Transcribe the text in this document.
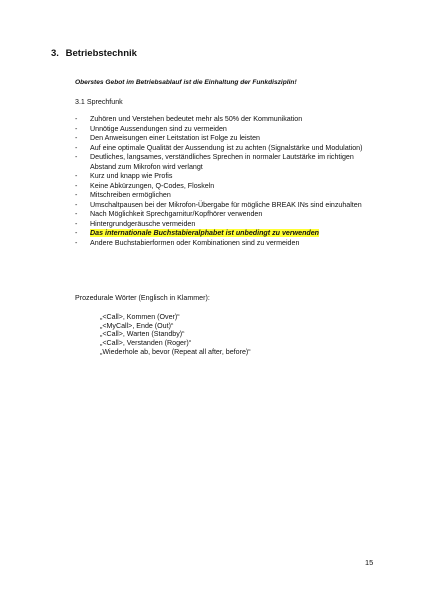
3. Betriebstechnik
Oberstes Gebot im Betriebsablauf ist die Einhaltung der Funkdisziplin!
3.1 Sprechfunk
- Zuhören und Verstehen bedeutet mehr als 50% der Kommunikation
- Unnötige Aussendungen sind zu vermeiden
- Den Anweisungen einer Leitstation ist Folge zu leisten
- Auf eine optimale Qualität der Aussendung ist zu achten (Signalstärke und Modulation)
- Deutliches, langsames, verständliches Sprechen in normaler Lautstärke im richtigen Abstand zum Mikrofon wird verlangt
- Kurz und knapp wie Profis
- Keine Abkürzungen, Q-Codes, Floskeln
- Mitschreiben ermöglichen
- Umschaltpausen bei der Mikrofon-Übergabe für mögliche BREAK INs sind einzuhalten
- Nach Möglichkeit Sprechgarnitur/Kopfhörer verwenden
- Hintergrundgeräusche vermeiden
- Das internationale Buchstabieralphabet ist unbedingt zu verwenden
- Andere Buchstabierformen oder Kombinationen sind zu vermeiden
Prozedurale Wörter (Englisch in Klammer):
„<Call>, Kommen (Over)“
„<MyCall>, Ende (Out)“
„<Call>, Warten (Standby)“
„<Call>, Verstanden (Roger)“
„Wiederhole ab, bevor (Repeat all after, before)“
15
